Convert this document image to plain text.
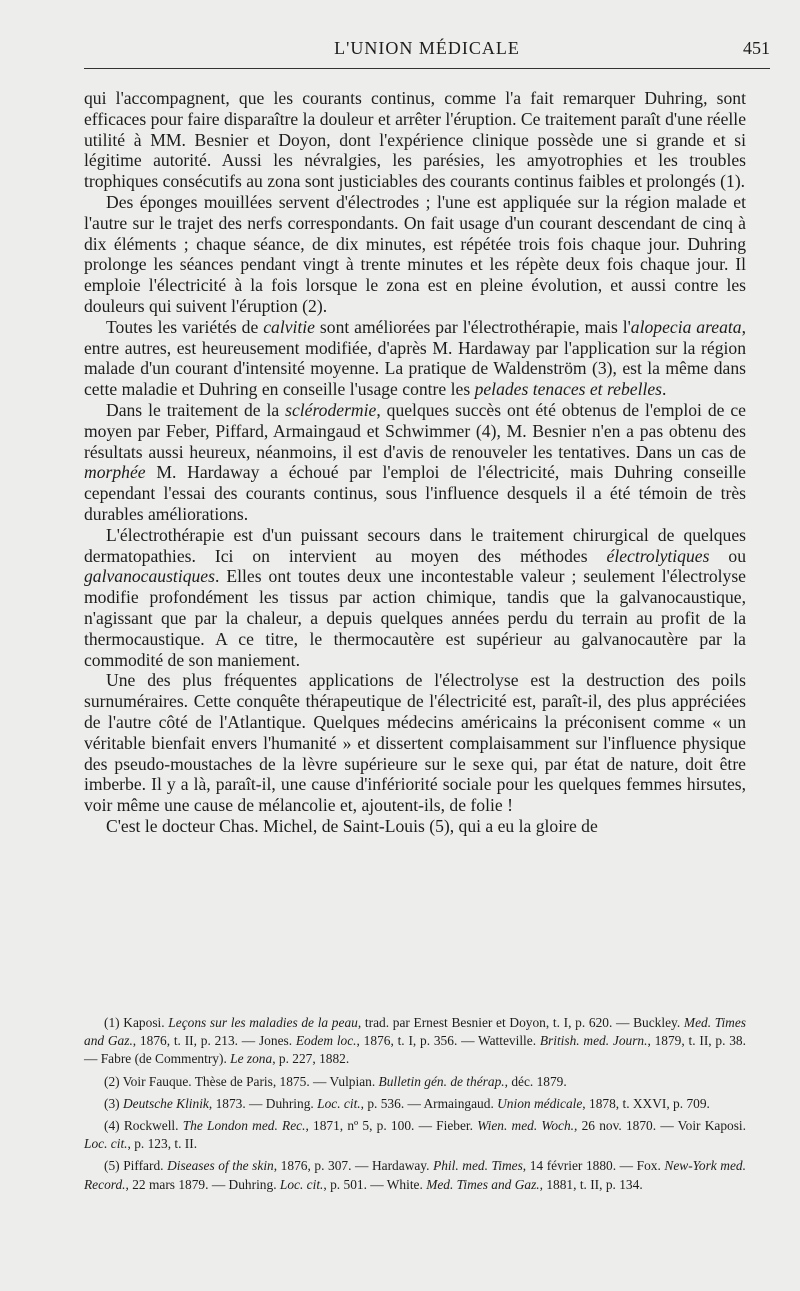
L'UNION MÉDICALE	451

qui l'accompagnent, que les courants continus, comme l'a fait remarquer Duhring, sont efficaces pour faire disparaître la douleur et arrêter l'éruption. Ce traitement paraît d'une réelle utilité à MM. Besnier et Doyon, dont l'expérience clinique possède une si grande et si légitime autorité. Aussi les névralgies, les parésies, les amyotrophies et les troubles trophiques consécutifs au zona sont justiciables des courants continus faibles et prolongés (1).

Des éponges mouillées servent d'électrodes ; l'une est appliquée sur la région malade et l'autre sur le trajet des nerfs correspondants. On fait usage d'un courant descendant de cinq à dix éléments ; chaque séance, de dix minutes, est répétée trois fois chaque jour. Duhring prolonge les séances pendant vingt à trente minutes et les répète deux fois chaque jour. Il emploie l'électricité à la fois lorsque le zona est en pleine évolution, et aussi contre les douleurs qui suivent l'éruption (2).

Toutes les variétés de calvitie sont améliorées par l'électrothérapie, mais l'alopecia areata, entre autres, est heureusement modifiée, d'après M. Hardaway par l'application sur la région malade d'un courant d'intensité moyenne. La pratique de Waldenström (3), est la même dans cette maladie et Duhring en conseille l'usage contre les pelades tenaces et rebelles.

Dans le traitement de la sclérodermie, quelques succès ont été obtenus de l'emploi de ce moyen par Feber, Piffard, Armaingaud et Schwimmer (4), M. Besnier n'en a pas obtenu des résultats aussi heureux, néanmoins, il est d'avis de renouveler les tentatives. Dans un cas de morphée M. Hardaway a échoué par l'emploi de l'électricité, mais Duhring conseille cependant l'essai des courants continus, sous l'influence desquels il a été témoin de très durables améliorations.

L'électrothérapie est d'un puissant secours dans le traitement chirurgical de quelques dermatopathies. Ici on intervient au moyen des méthodes électrolytiques ou galvanocaustiques. Elles ont toutes deux une incontestable valeur ; seulement l'électrolyse modifie profondément les tissus par action chimique, tandis que la galvanocaustique, n'agissant que par la chaleur, a depuis quelques années perdu du terrain au profit de la thermocaustique. A ce titre, le thermocautère est supérieur au galvanocautère par la commodité de son maniement.

Une des plus fréquentes applications de l'électrolyse est la destruction des poils surnuméraires. Cette conquête thérapeutique de l'électricité est, paraît-il, des plus appréciées de l'autre côté de l'Atlantique. Quelques médecins américains la préconisent comme « un véritable bienfait envers l'humanité » et dissertent complaisamment sur l'influence physique des pseudo-moustaches de la lèvre supérieure sur le sexe qui, par état de nature, doit être imberbe. Il y a là, paraît-il, une cause d'infériorité sociale pour les quelques femmes hirsutes, voir même une cause de mélancolie et, ajoutent-ils, de folie !

C'est le docteur Chas. Michel, de Saint-Louis (5), qui a eu la gloire de

(1) Kaposi. Leçons sur les maladies de la peau, trad. par Ernest Besnier et Doyon, t. I, p. 620. — Buckley. Med. Times and Gaz., 1876, t. II, p. 213. — Jones. Eodem loc., 1876, t. I, p. 356. — Watteville. British. med. Journ., 1879, t. II, p. 38.— Fabre (de Commentry). Le zona, p. 227, 1882.

(2) Voir Fauque. Thèse de Paris, 1875. — Vulpian. Bulletin gén. de thérap., déc. 1879.

(3) Deutsche Klinik, 1873. — Duhring. Loc. cit., p. 536. — Armaingaud. Union médicale, 1878, t. XXVI, p. 709.

(4) Rockwell. The London med. Rec., 1871, nº 5, p. 100. — Fieber. Wien. med. Woch., 26 nov. 1870. — Voir Kaposi. Loc. cit., p. 123, t. II.

(5) Piffard. Diseases of the skin, 1876, p. 307. — Hardaway. Phil. med. Times, 14 février 1880. — Fox. New-York med. Record., 22 mars 1879. — Duhring. Loc. cit., p. 501. — White. Med. Times and Gaz., 1881, t. II, p. 134.
